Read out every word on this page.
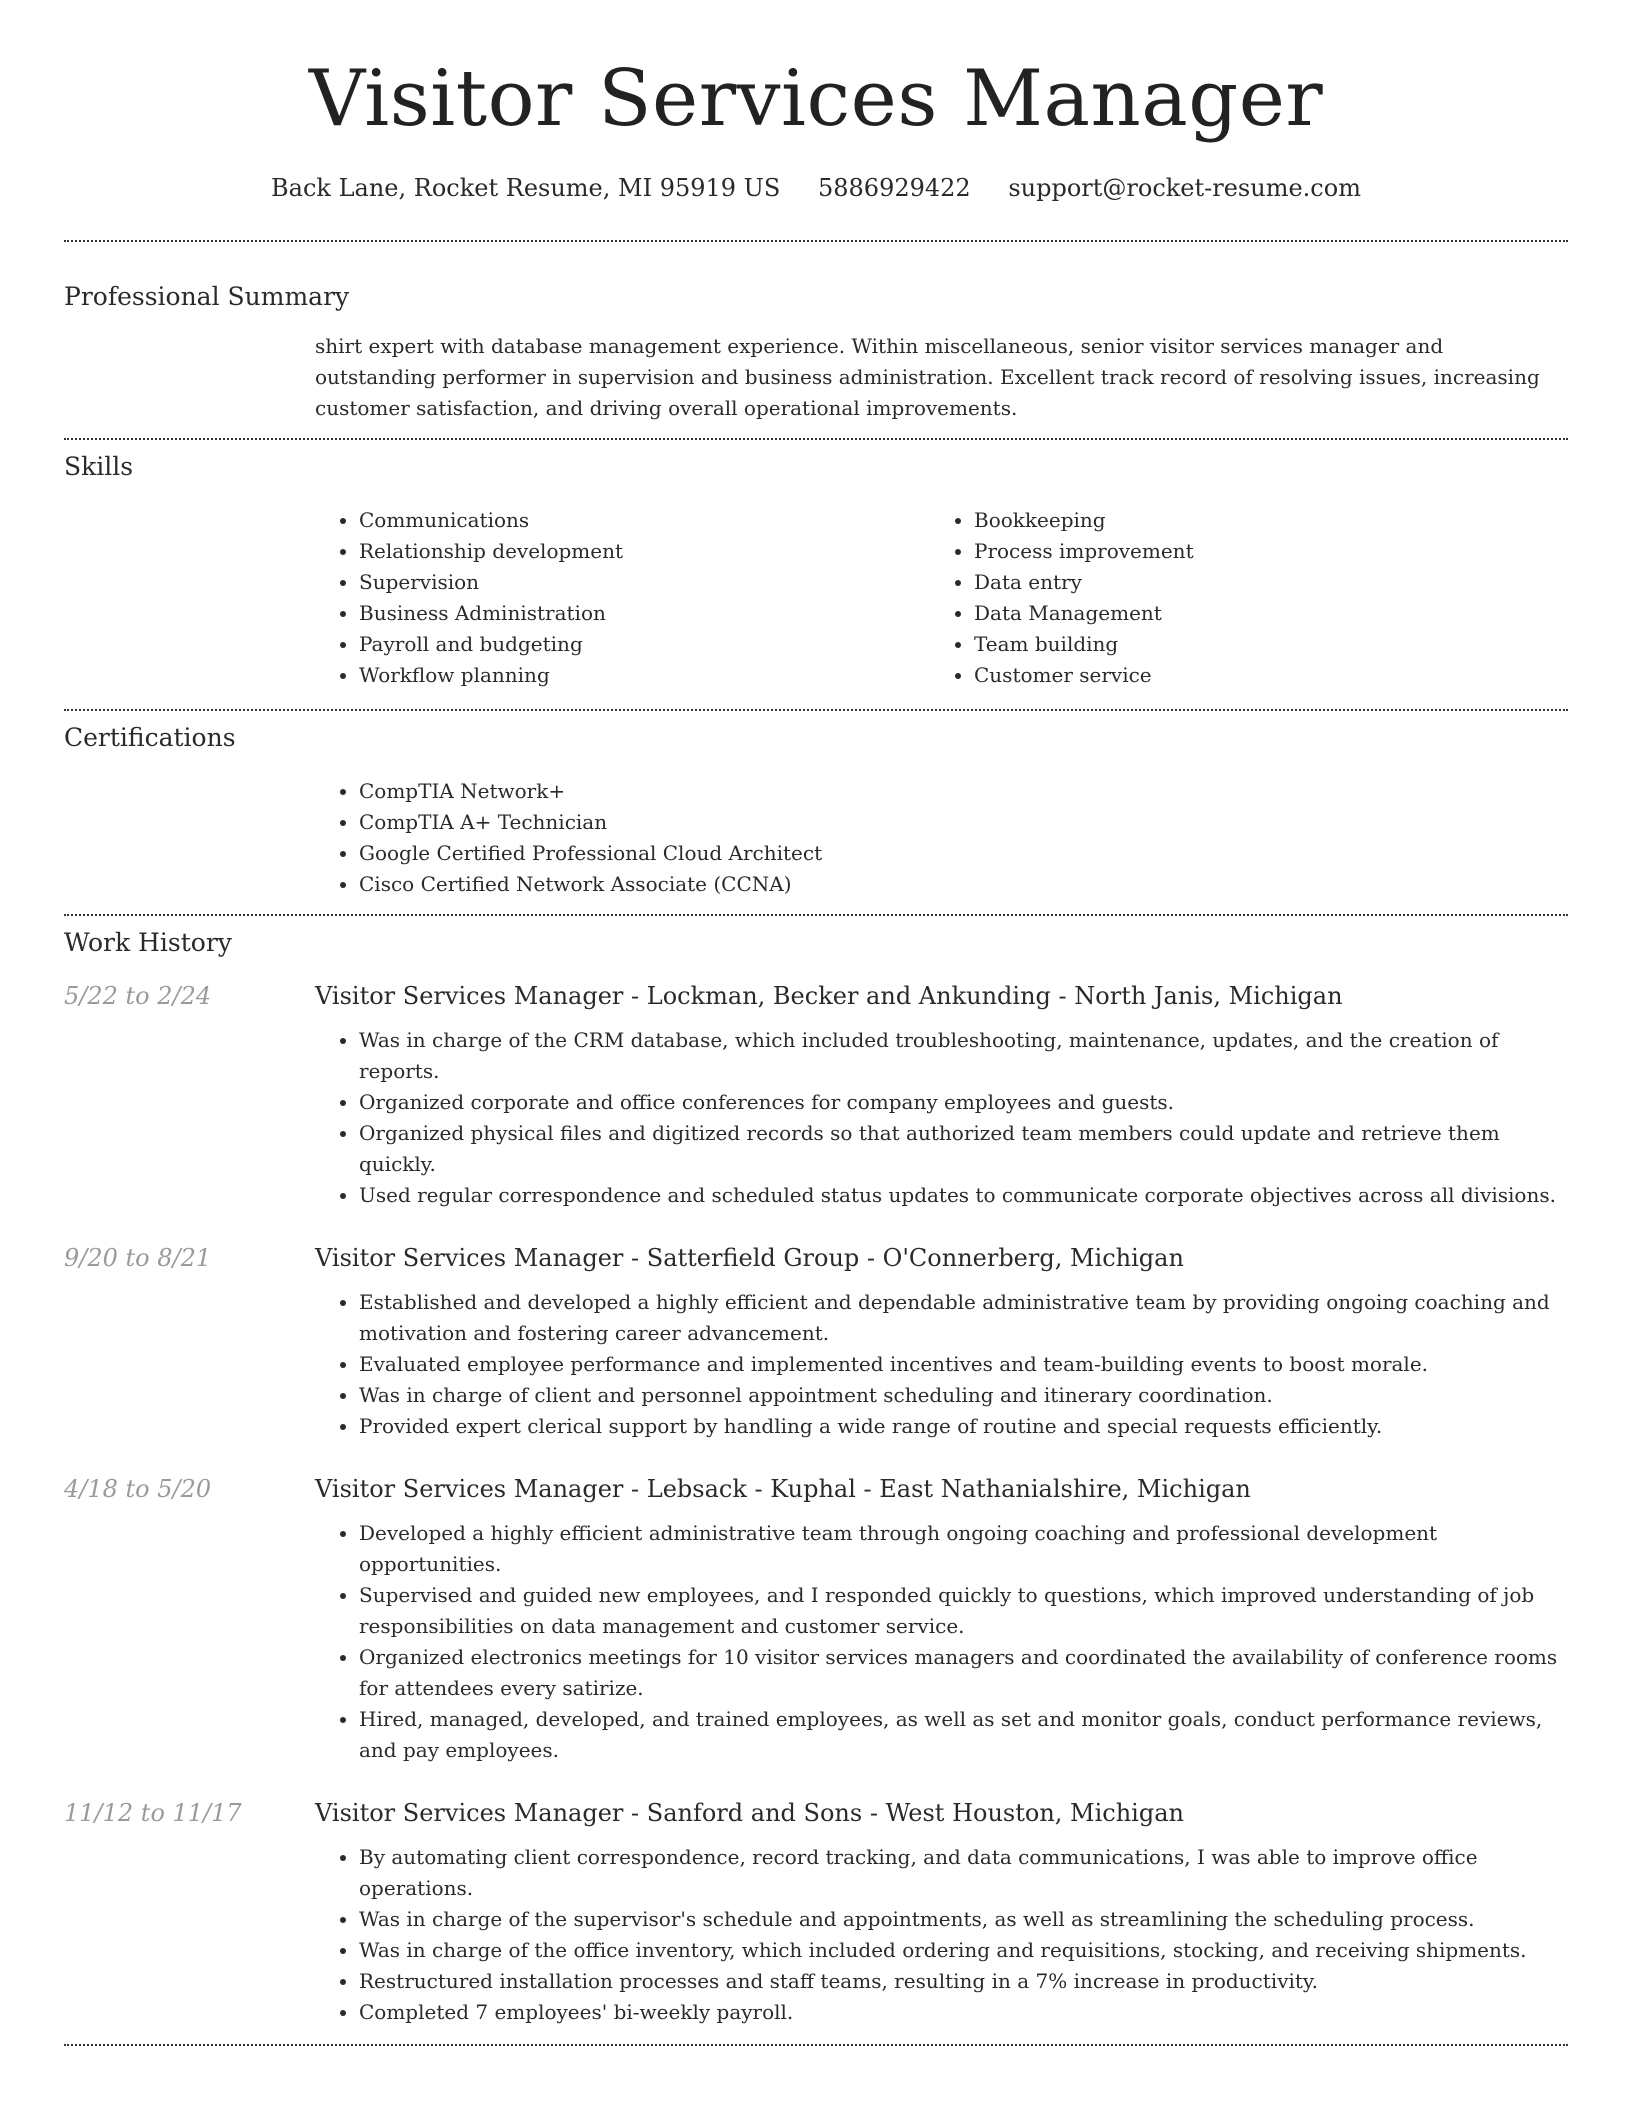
Visitor Services Manager
Back Lane, Rocket Resume, MI 95919 US 5886929422 support@rocket-resume.com
Professional Summary

shirt expert with database management experience. Within miscellaneous, senior visitor services manager and outstanding performer in supervision and business administration. Excellent track record of resolving issues, increasing customer satisfaction, and driving overall operational improvements.

Skills
• Communications
• Relationship development
• Supervision
• Business Administration
• Payroll and budgeting
• Workflow planning
• Bookkeeping
• Process improvement
• Data entry
• Data Management
• Team building
• Customer service
Certifications
• CompTIA Network+
• CompTIA A+ Technician
• Google Certified Professional Cloud Architect
• Cisco Certified Network Associate (CCNA)
Work History
5/22 to 2/24	Visitor Services Manager - Lockman, Becker and Ankunding - North Janis, Michigan
• Was in charge of the CRM database, which included troubleshooting, maintenance, updates, and the creation of reports.
• Organized corporate and office conferences for company employees and guests.
• Organized physical files and digitized records so that authorized team members could update and retrieve them quickly.
• Used regular correspondence and scheduled status updates to communicate corporate objectives across all divisions.
9/20 to 8/21	Visitor Services Manager - Satterfield Group - O'Connerberg, Michigan
• Established and developed a highly efficient and dependable administrative team by providing ongoing coaching and motivation and fostering career advancement.
• Evaluated employee performance and implemented incentives and team-building events to boost morale.
• Was in charge of client and personnel appointment scheduling and itinerary coordination.
• Provided expert clerical support by handling a wide range of routine and special requests efficiently.
4/18 to 5/20	Visitor Services Manager - Lebsack - Kuphal - East Nathanialshire, Michigan
• Developed a highly efficient administrative team through ongoing coaching and professional development opportunities.
• Supervised and guided new employees, and I responded quickly to questions, which improved understanding of job responsibilities on data management and customer service.
• Organized electronics meetings for 10 visitor services managers and coordinated the availability of conference rooms for attendees every satirize.
• Hired, managed, developed, and trained employees, as well as set and monitor goals, conduct performance reviews, and pay employees.
11/12 to 11/17	Visitor Services Manager - Sanford and Sons - West Houston, Michigan
• By automating client correspondence, record tracking, and data communications, I was able to improve office operations.
• Was in charge of the supervisor's schedule and appointments, as well as streamlining the scheduling process.
• Was in charge of the office inventory, which included ordering and requisitions, stocking, and receiving shipments.
• Restructured installation processes and staff teams, resulting in a 7% increase in productivity.
• Completed 7 employees' bi-weekly payroll.
